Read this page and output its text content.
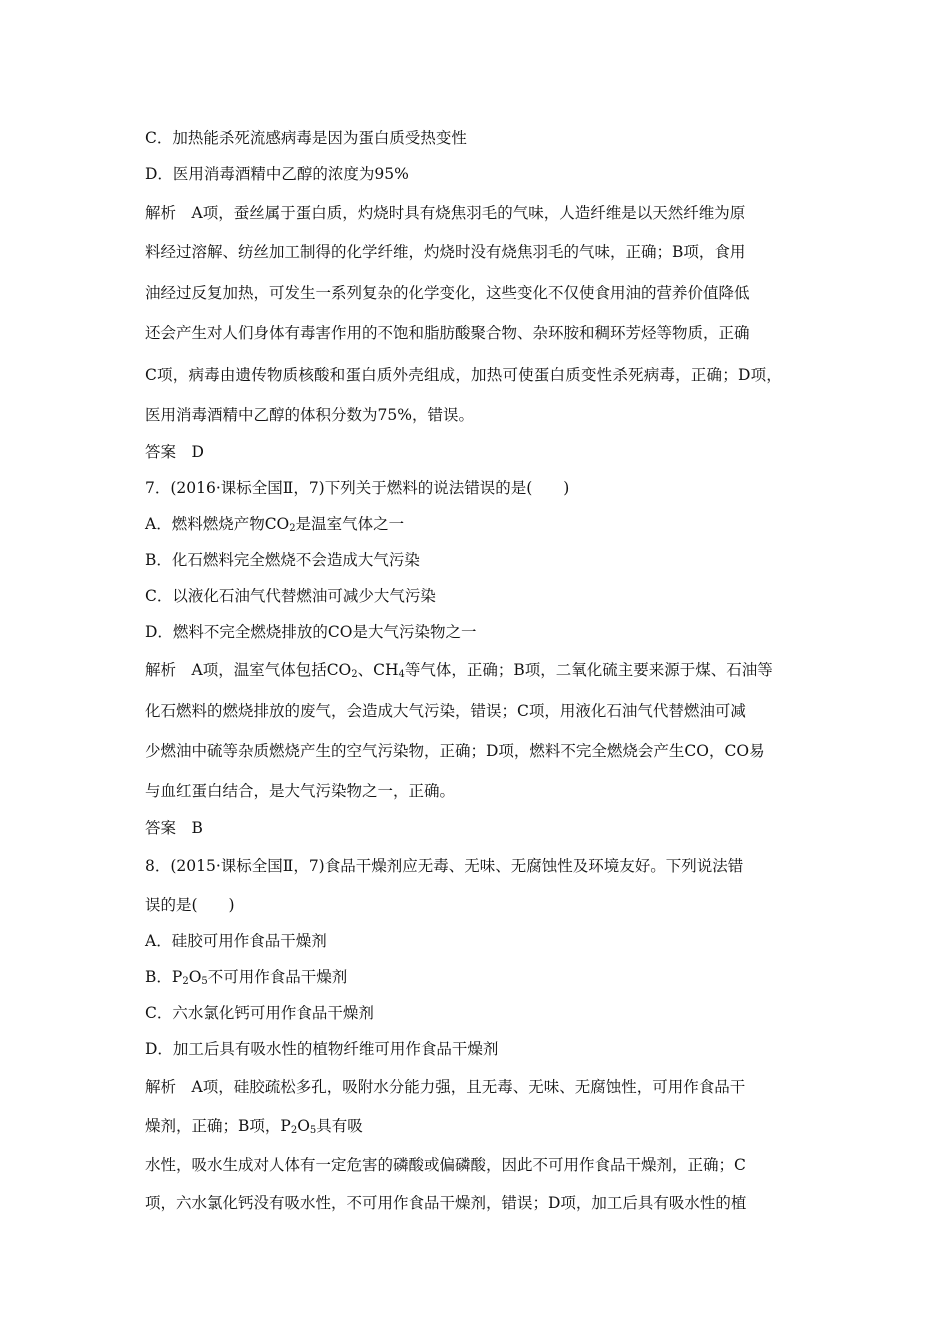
C．加热能杀死流感病毒是因为蛋白质受热变性
D．医用消毒酒精中乙醇的浓度为95%
解析　A项，蚕丝属于蛋白质，灼烧时具有烧焦羽毛的气味，人造纤维是以天然纤维为原
料经过溶解、纺丝加工制得的化学纤维，灼烧时没有烧焦羽毛的气味，正确；B项，食用
油经过反复加热，可发生一系列复杂的化学变化，这些变化不仅使食用油的营养价值降低
还会产生对人们身体有毒害作用的不饱和脂肪酸聚合物、杂环胺和稠环芳烃等物质，正确
C项，病毒由遗传物质核酸和蛋白质外壳组成，加热可使蛋白质变性杀死病毒，正确；D项，
医用消毒酒精中乙醇的体积分数为75%，错误。
答案　D
7．(2016·课标全国Ⅱ，7)下列关于燃料的说法错误的是(　　)
A．燃料燃烧产物$CO_2$是温室气体之一
B．化石燃料完全燃烧不会造成大气污染
C．以液化石油气代替燃油可减少大气污染
D．燃料不完全燃烧排放的CO是大气污染物之一
解析　A项，温室气体包括$CO_2$、$CH_4$等气体，正确；B项，二氧化硫主要来源于煤、石油等
化石燃料的燃烧排放的废气，会造成大气污染，错误；C项，用液化石油气代替燃油可减
少燃油中硫等杂质燃烧产生的空气污染物，正确；D项，燃料不完全燃烧会产生CO，CO易
与血红蛋白结合，是大气污染物之一，正确。
答案　B
8．(2015·课标全国Ⅱ，7)食品干燥剂应无毒、无味、无腐蚀性及环境友好。下列说法错
误的是(　　)
A．硅胶可用作食品干燥剂
B．$P_2O_5$不可用作食品干燥剂
C．六水氯化钙可用作食品干燥剂
D．加工后具有吸水性的植物纤维可用作食品干燥剂
解析　A项，硅胶疏松多孔，吸附水分能力强，且无毒、无味、无腐蚀性，可用作食品干
燥剂，正确；B项，$P_2O_5$具有吸
水性，吸水生成对人体有一定危害的磷酸或偏磷酸，因此不可用作食品干燥剂，正确；C
项，六水氯化钙没有吸水性，不可用作食品干燥剂，错误；D项，加工后具有吸水性的植
